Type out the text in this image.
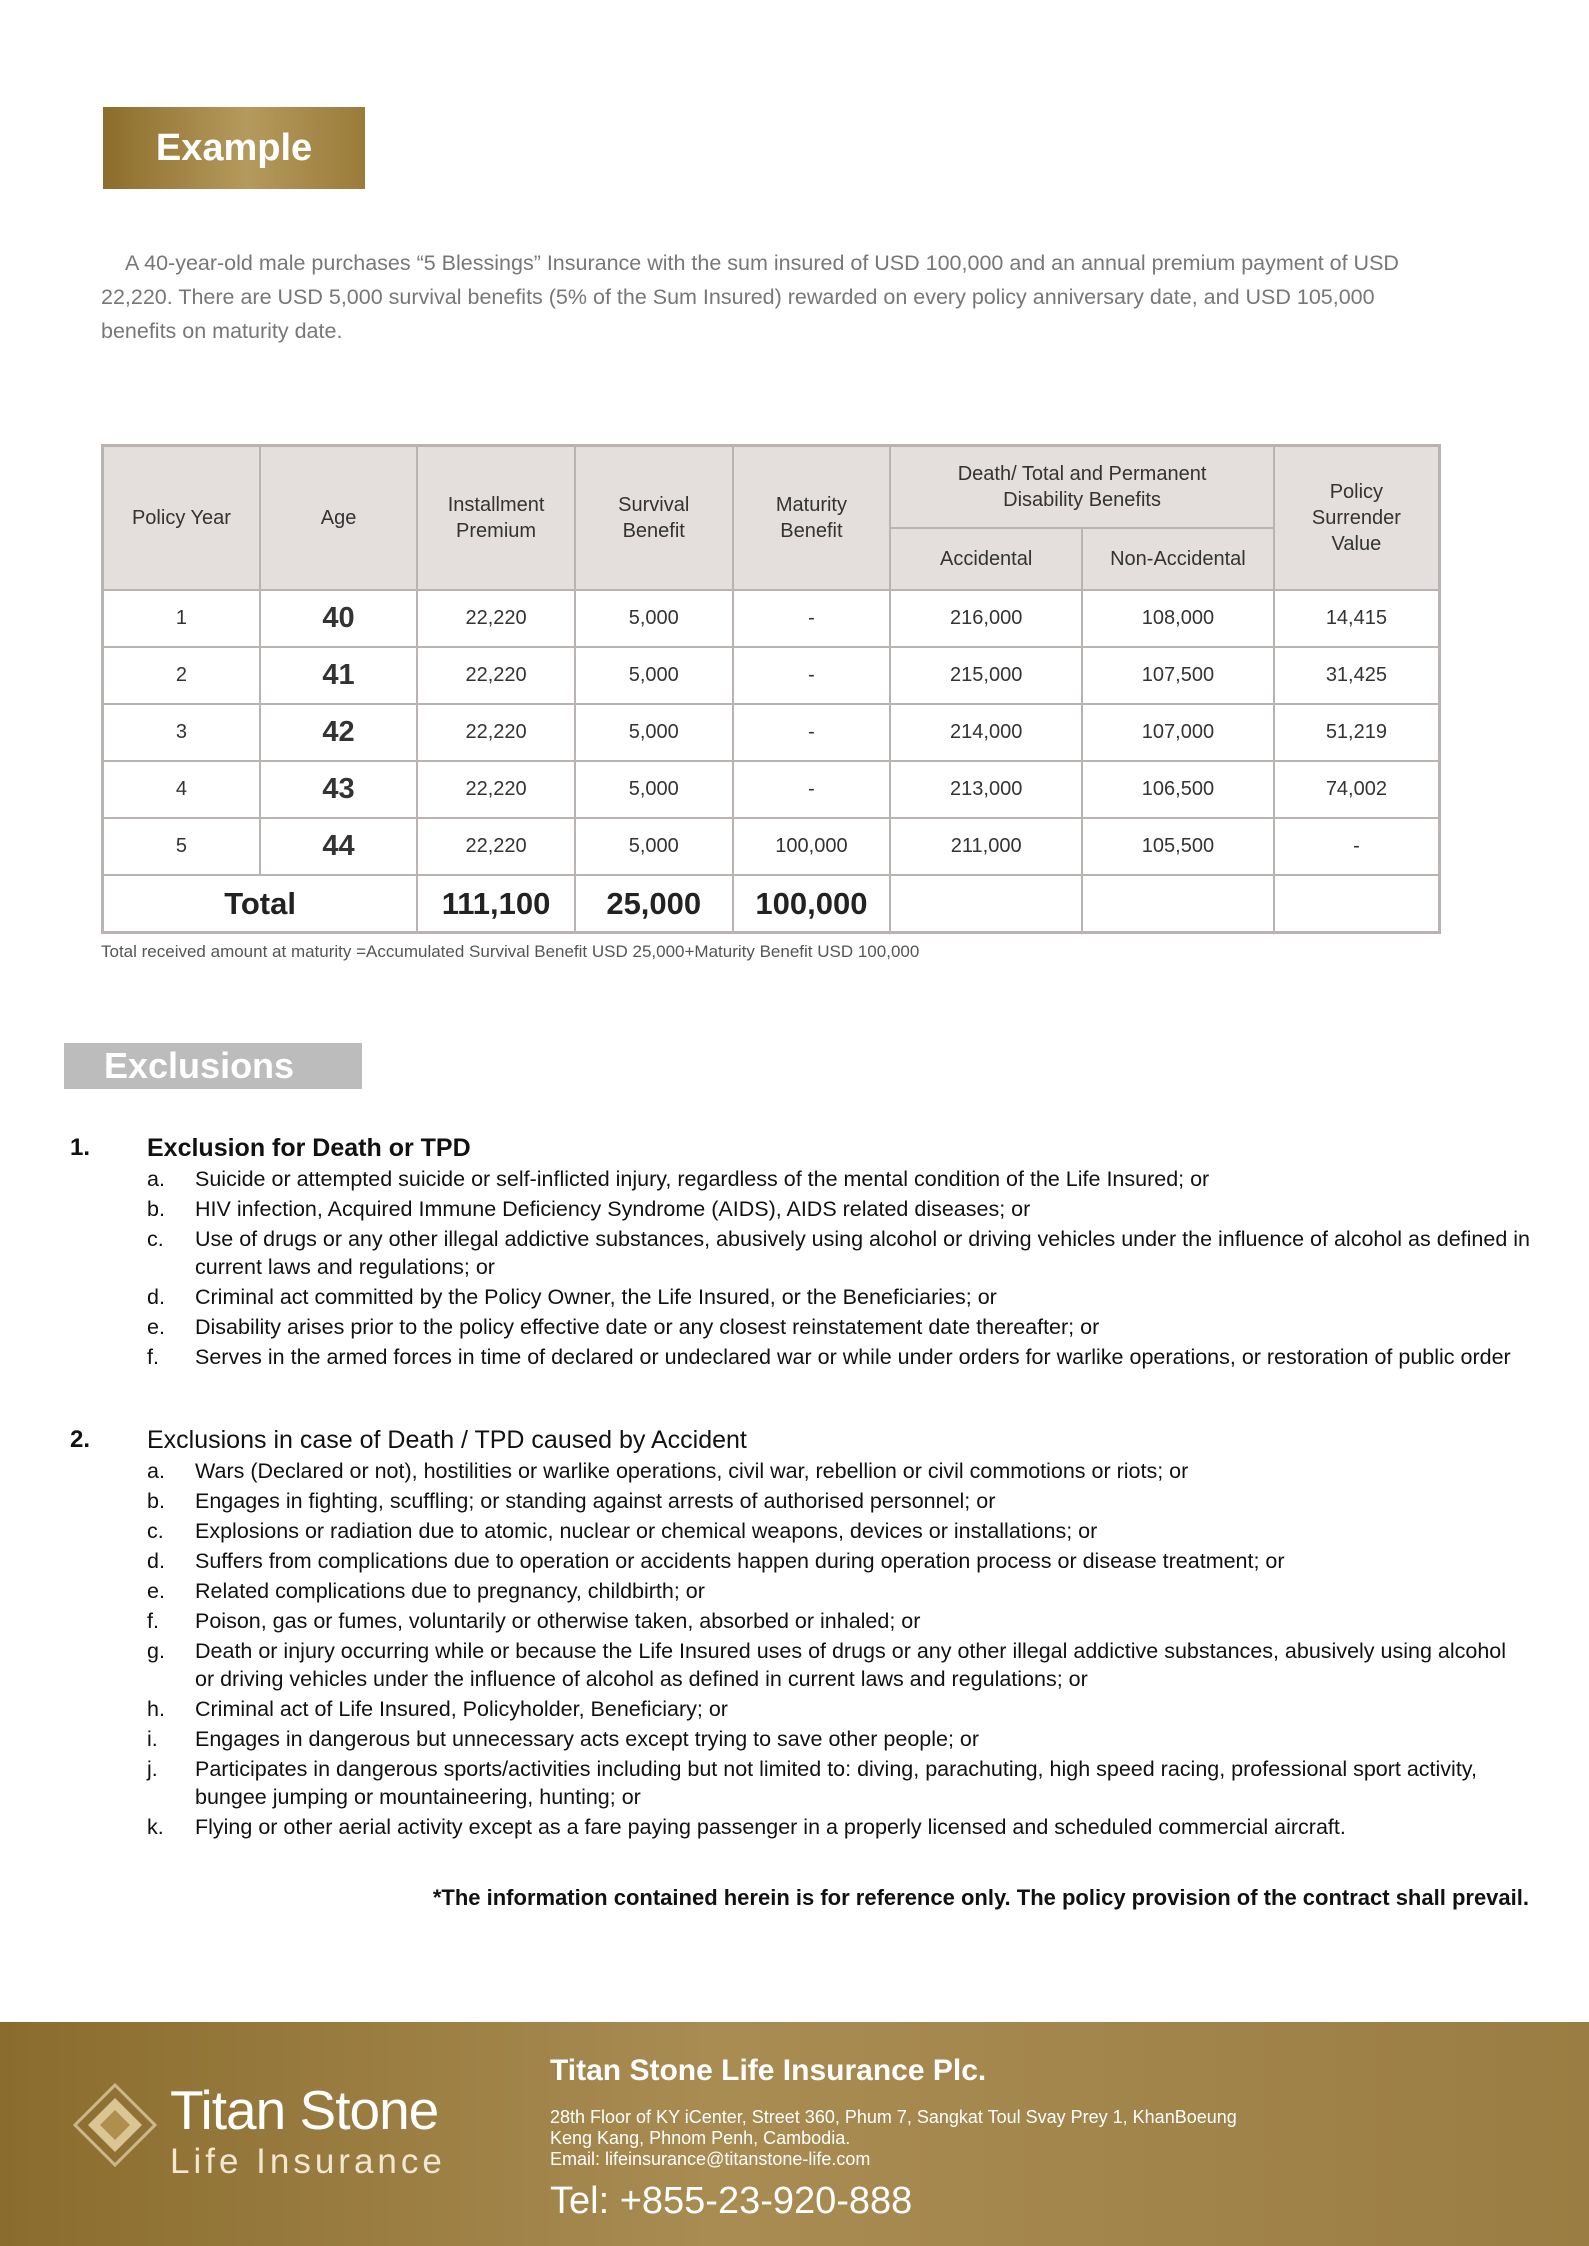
Example
A 40-year-old male purchases “5 Blessings” Insurance with the sum insured of USD 100,000 and an annual premium payment of USD 22,220. There are USD 5,000 survival benefits (5% of the Sum Insured) rewarded on every policy anniversary date, and USD 105,000 benefits on maturity date.
Policy Year	Age	Installment Premium	Survival Benefit	Maturity Benefit	Death/ Total and Permanent Disability Benefits		Policy Surrender Value

					Accidental	Non-Accidental	
1	40	22,220	5,000	-	216,000	108,000	14,415
2	41	22,220	5,000	-	215,000	107,500	31,425
3	42	22,220	5,000	-	214,000	107,000	51,219
4	43	22,220	5,000	-	213,000	106,500	74,002
5	44	22,220	5,000	100,000	211,000	105,500	-
Total		111,100	25,000	100,000			
Total received amount at maturity =Accumulated Survival Benefit USD 25,000+Maturity Benefit USD 100,000
Exclusions
1.	Exclusion for Death or TPD
a.	Suicide or attempted suicide or self-inflicted injury, regardless of the mental condition of the Life Insured; or
b.	HIV infection, Acquired Immune Deficiency Syndrome (AIDS), AIDS related diseases; or
c.	Use of drugs or any other illegal addictive substances, abusively using alcohol or driving vehicles under the influence of alcohol as defined in current laws and regulations; or
d.	Criminal act committed by the Policy Owner, the Life Insured, or the Beneficiaries; or
e.	Disability arises prior to the policy effective date or any closest reinstatement date thereafter; or
f.	Serves in the armed forces in time of declared or undeclared war or while under orders for warlike operations, or restoration of public order
2.	Exclusions in case of Death / TPD caused by Accident
a.	Wars (Declared or not), hostilities or warlike operations, civil war, rebellion or civil commotions or riots; or
b.	Engages in fighting, scuffling; or standing against arrests of authorised personnel; or
c.	Explosions or radiation due to atomic, nuclear or chemical weapons, devices or installations; or
d.	Suffers from complications due to operation or accidents happen during operation process or disease treatment; or
e.	Related complications due to pregnancy, childbirth; or
f.	Poison, gas or fumes, voluntarily or otherwise taken, absorbed or inhaled; or
g.	Death or injury occurring while or because the Life Insured uses of drugs or any other illegal addictive substances, abusively using alcohol or driving vehicles under the influence of alcohol as defined in current laws and regulations; or
h.	Criminal act of Life Insured, Policyholder, Beneficiary; or
i.	Engages in dangerous but unnecessary acts except trying to save other people; or
j.	Participates in dangerous sports/activities including but not limited to: diving, parachuting, high speed racing, professional sport activity, bungee jumping or mountaineering, hunting; or
k.	Flying or other aerial activity except as a fare paying passenger in a properly licensed and scheduled commercial aircraft.
*The information contained herein is for reference only. The policy provision of the contract shall prevail.
Titan Stone
Life Insurance
Titan Stone Life Insurance Plc.
28th Floor of KY iCenter, Street 360, Phum 7, Sangkat Toul Svay Prey 1, KhanBoeung
Keng Kang, Phnom Penh, Cambodia.
Email: lifeinsurance@titanstone-life.com
Tel: +855-23-920-888
